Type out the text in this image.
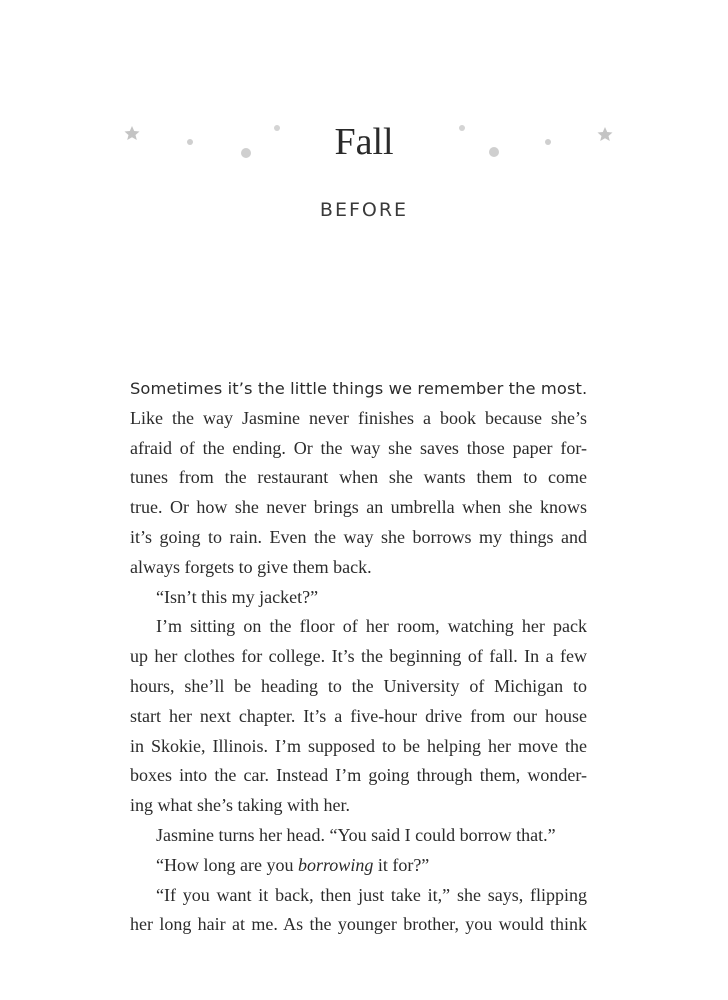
Fall
BEFORE
Sometimes it’s the little things we remember the most.
Like the way Jasmine never finishes a book because she’s
afraid of the ending. Or the way she saves those paper for-
tunes from the restaurant when she wants them to come
true. Or how she never brings an umbrella when she knows
it’s going to rain. Even the way she borrows my things and
always forgets to give them back.
“Isn’t this my jacket?”
I’m sitting on the floor of her room, watching her pack
up her clothes for college. It’s the beginning of fall. In a few
hours, she’ll be heading to the University of Michigan to
start her next chapter. It’s a five-hour drive from our house
in Skokie, Illinois. I’m supposed to be helping her move the
boxes into the car. Instead I’m going through them, wonder-
ing what she’s taking with her.
Jasmine turns her head. “You said I could borrow that.”
“How long are you borrowing it for?”
“If you want it back, then just take it,” she says, flipping
her long hair at me. As the younger brother, you would think
